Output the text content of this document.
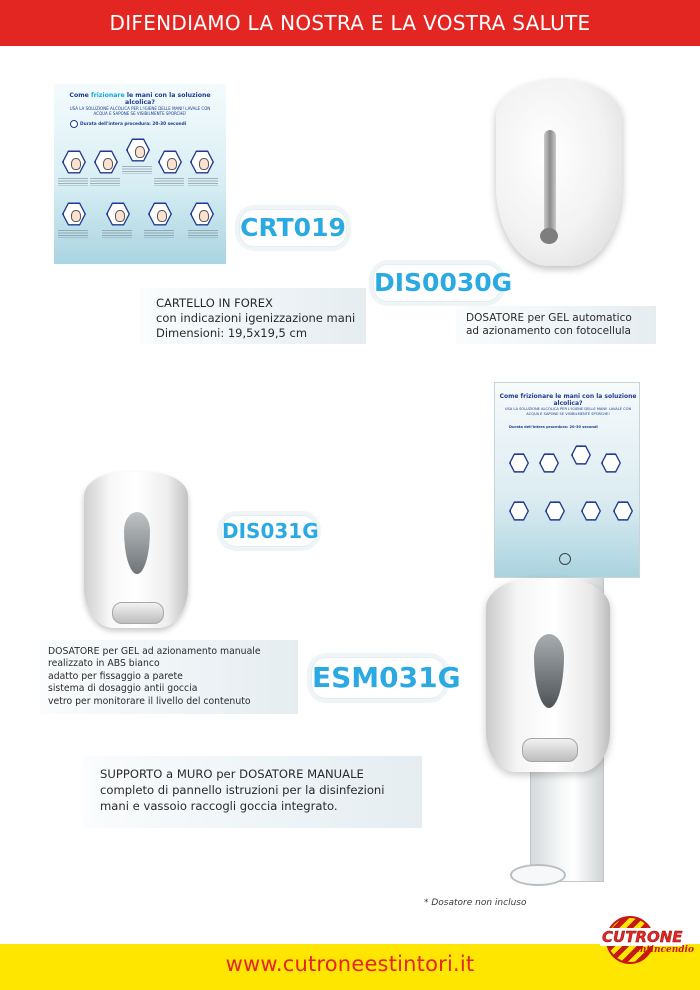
DIFENDIAMO LA NOSTRA E LA VOSTRA SALUTE
Come frizionare le mani con la soluzione alcolica?
USA LA SOLUZIONE ALCOLICA PER L'IGIENE DELLE MANI! LAVALE CON ACQUA E SAPONE SE VISIBILMENTE SPORCHE!
Durata dell'intera procedura: 20-30 secondi
CRT019
DIS0030G
CARTELLO IN FOREX
con indicazioni igenizzazione mani
Dimensioni: 19,5x19,5 cm
DOSATORE per GEL automatico
ad azionamento con fotocellula
DIS031G
DOSATORE per GEL ad azionamento manuale
realizzato in ABS bianco
adatto per fissaggio a parete
sistema di dosaggio antii goccia
vetro per monitorare il livello del contenuto
ESM031G
Come frizionare le mani con la soluzione alcolica?
USA LA SOLUZIONE ALCOLICA PER L'IGIENE DELLE MANI! LAVALE CON ACQUA E SAPONE SE VISIBILMENTE SPORCHE!
Durata dell'intera procedura: 20-30 secondi
SUPPORTO a MURO per DOSATORE MANUALE
completo di pannello istruzioni per la disinfezioni
mani e vassoio raccogli goccia integrato.
* Dosatore non incluso
www.cutroneestintori.it
CUTRONE
antincendio
